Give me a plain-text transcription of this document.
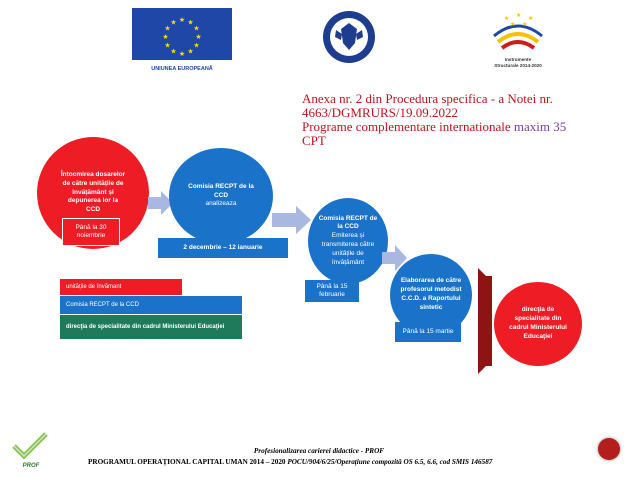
★ ★
★
★
★
★
★
★
★
★
★
★
UNIUNEA EUROPEANĂ
★ ★ ★
★ ★
Instrumente Structurale 2014-2020
Anexa nr. 2 din Procedura specifica - a Notei nr.
4663/DGMRURS/19.09.2022
Programe complementare internationale maxim 35
CPT
Întocmirea dosarelor de către unitățile de învățământ și depunerea lor la CCD
Până la 30
noiembrie
Comisia RECPT de la
CCD
analizeaza
2 decembrie – 12 ianuarie
Comisia RECPT de
la CCD
Emiterea și transmiterea către unitățile de învățământ
Până la 15
februarie
Elaborarea de către profesorul metodist C.C.D. a Raportului sintetic
Până la 15 martie
direcţia de specialitate din cadrul Ministerului Educaţiei
unitățile de învămant
Comisia RECPT de la CCD
direcţia de specialitate din cadrul Ministerului Educaţiei
PROF
Profesionalizarea carierei didactice - PROF
PROGRAMUL OPERAȚIONAL CAPITAL UMAN 2014 – 2020 POCU/904/6/25/Operațiune compozită OS 6.5, 6.6, cod SMIS 146587
